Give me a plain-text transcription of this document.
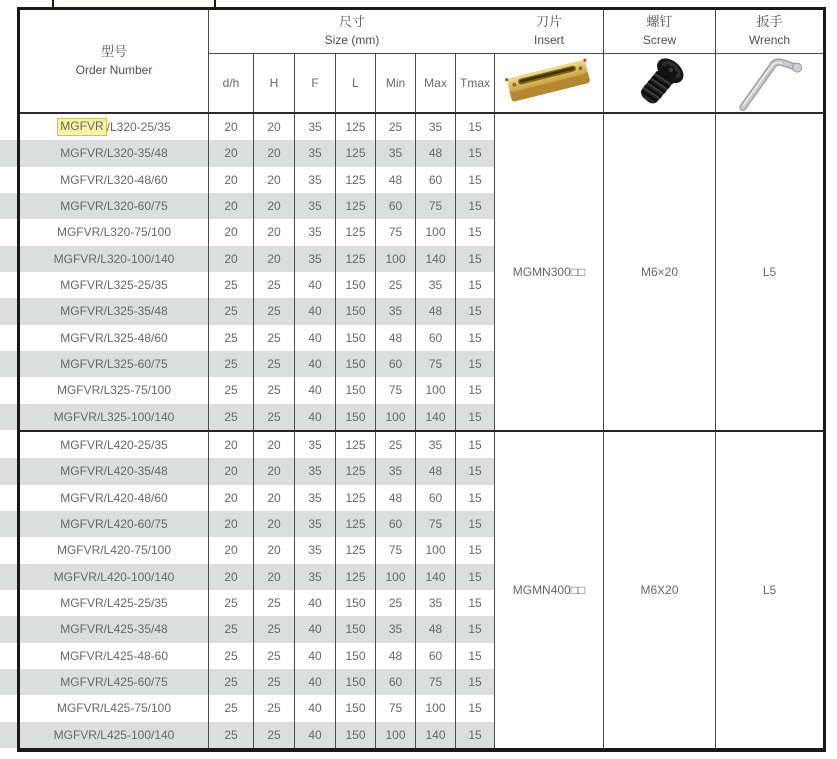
型号
Order Number
尺寸
Size (mm)
d/h	H	F	L	Min	Max	Tmax
刀片
Insert
螺钉
Screw
扳手
Wrench
MGFVR /L320-25/35	20	20	35	125	25	35	15
MGFVR/L320-35/48	20	20	35	125	35	48	15
MGFVR/L320-48/60	20	20	35	125	48	60	15
MGFVR/L320-60/75	20	20	35	125	60	75	15
MGFVR/L320-75/100	20	20	35	125	75	100	15
MGFVR/L320-100/140	20	20	35	125	100	140	15
MGFVR/L325-25/35	25	25	40	150	25	35	15
MGFVR/L325-35/48	25	25	40	150	35	48	15
MGFVR/L325-48/60	25	25	40	150	48	60	15
MGFVR/L325-60/75	25	25	40	150	60	75	15
MGFVR/L325-75/100	25	25	40	150	75	100	15
MGFVR/L325-100/140	25	25	40	150	100	140	15
MGMN300□□	M6×20	L5
MGFVR/L420-25/35	20	20	35	125	25	35	15
MGFVR/L420-35/48	20	20	35	125	35	48	15
MGFVR/L420-48/60	20	20	35	125	48	60	15
MGFVR/L420-60/75	20	20	35	125	60	75	15
MGFVR/L420-75/100	20	20	35	125	75	100	15
MGFVR/L420-100/140	20	20	35	125	100	140	15
MGFVR/L425-25/35	25	25	40	150	25	35	15
MGFVR/L425-35/48	25	25	40	150	35	48	15
MGFVR/L425-48-60	25	25	40	150	48	60	15
MGFVR/L425-60/75	25	25	40	150	60	75	15
MGFVR/L425-75/100	25	25	40	150	75	100	15
MGFVR/L425-100/140	25	25	40	150	100	140	15
MGMN400□□	M6X20	L5
